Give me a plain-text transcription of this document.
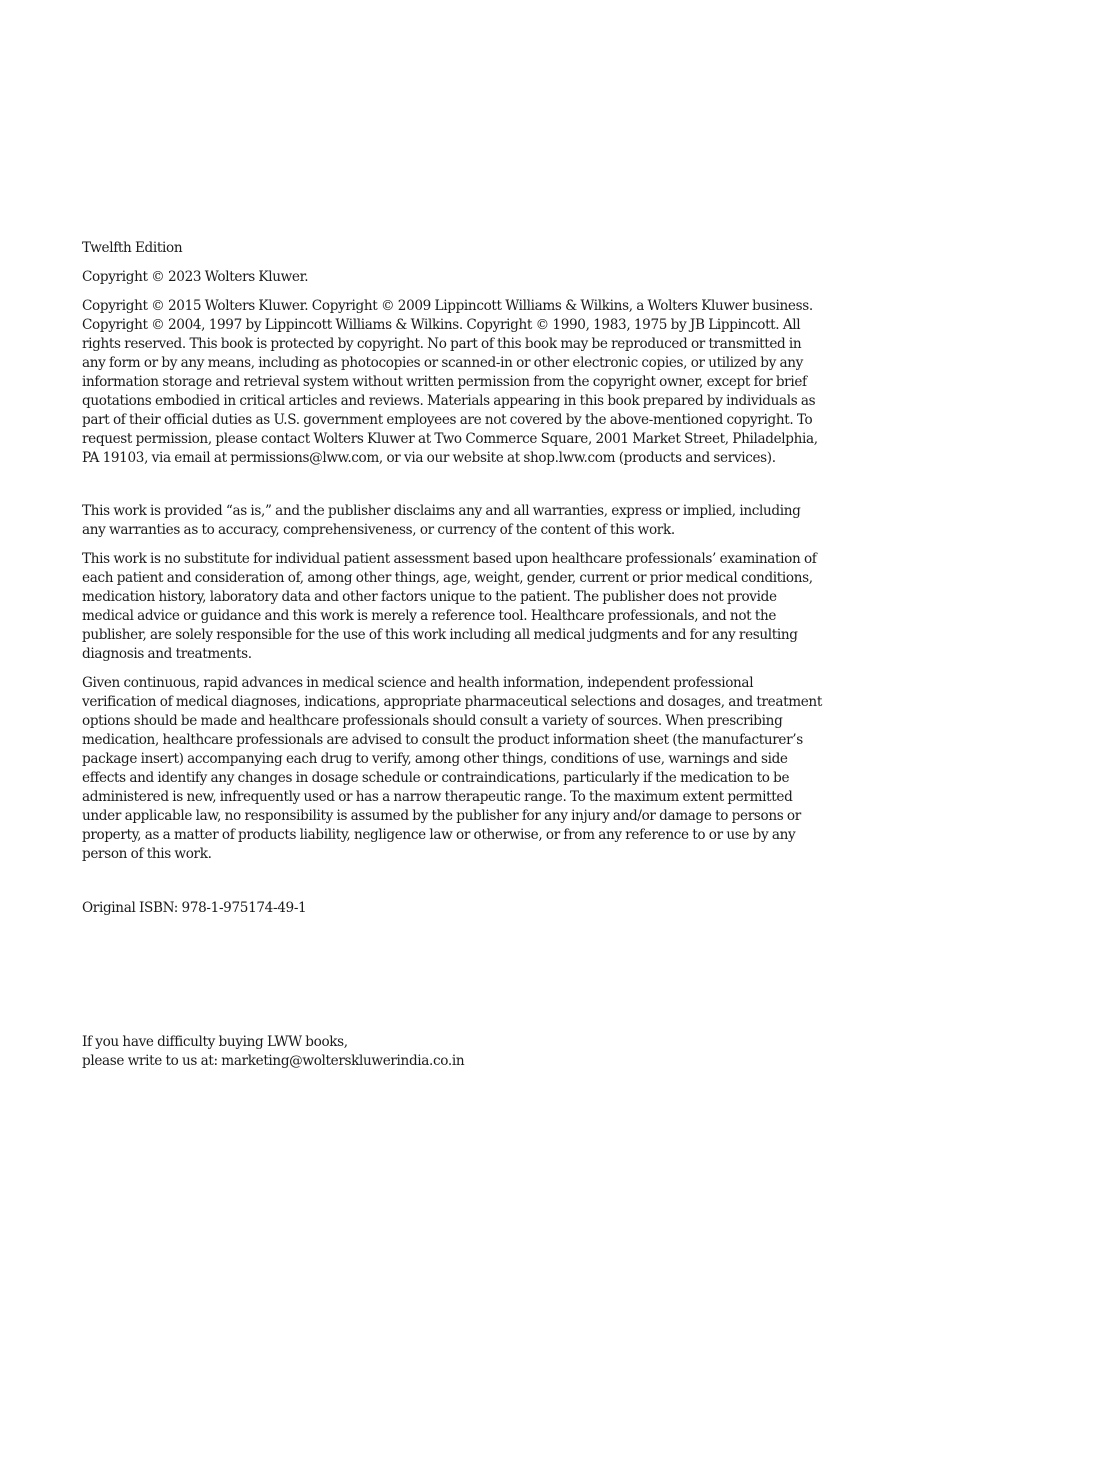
Twelfth Edition

Copyright © 2023 Wolters Kluwer.

Copyright © 2015 Wolters Kluwer. Copyright © 2009 Lippincott Williams & Wilkins, a Wolters Kluwer business. Copyright © 2004, 1997 by Lippincott Williams & Wilkins. Copyright © 1990, 1983, 1975 by JB Lippincott. All rights reserved. This book is protected by copyright. No part of this book may be reproduced or transmitted in any form or by any means, including as photocopies or scanned-in or other electronic copies, or utilized by any information storage and retrieval system without written permission from the copyright owner, except for brief quotations embodied in critical articles and reviews. Materials appearing in this book prepared by individuals as part of their official duties as U.S. government employees are not covered by the above-mentioned copyright. To request permission, please contact Wolters Kluwer at Two Commerce Square, 2001 Market Street, Philadelphia, PA 19103, via email at permissions@lww.com, or via our website at shop.lww.com (products and services).

This work is provided “as is,” and the publisher disclaims any and all warranties, express or implied, including any warranties as to accuracy, comprehensiveness, or currency of the content of this work.

This work is no substitute for individual patient assessment based upon healthcare professionals’ examination of each patient and consideration of, among other things, age, weight, gender, current or prior medical conditions, medication history, laboratory data and other factors unique to the patient. The publisher does not provide medical advice or guidance and this work is merely a reference tool. Healthcare professionals, and not the publisher, are solely responsible for the use of this work including all medical judgments and for any resulting diagnosis and treatments.

Given continuous, rapid advances in medical science and health information, independent professional verification of medical diagnoses, indications, appropriate pharmaceutical selections and dosages, and treatment options should be made and healthcare professionals should consult a variety of sources. When prescribing medication, healthcare professionals are advised to consult the product information sheet (the manufacturer’s package insert) accompanying each drug to verify, among other things, conditions of use, warnings and side effects and identify any changes in dosage schedule or contraindications, particularly if the medication to be administered is new, infrequently used or has a narrow therapeutic range. To the maximum extent permitted under applicable law, no responsibility is assumed by the publisher for any injury and/or damage to persons or property, as a matter of products liability, negligence law or otherwise, or from any reference to or use by any person of this work.

Original ISBN: 978-1-975174-49-1

If you have difficulty buying LWW books,
please write to us at: marketing@wolterskluwerindia.co.in
